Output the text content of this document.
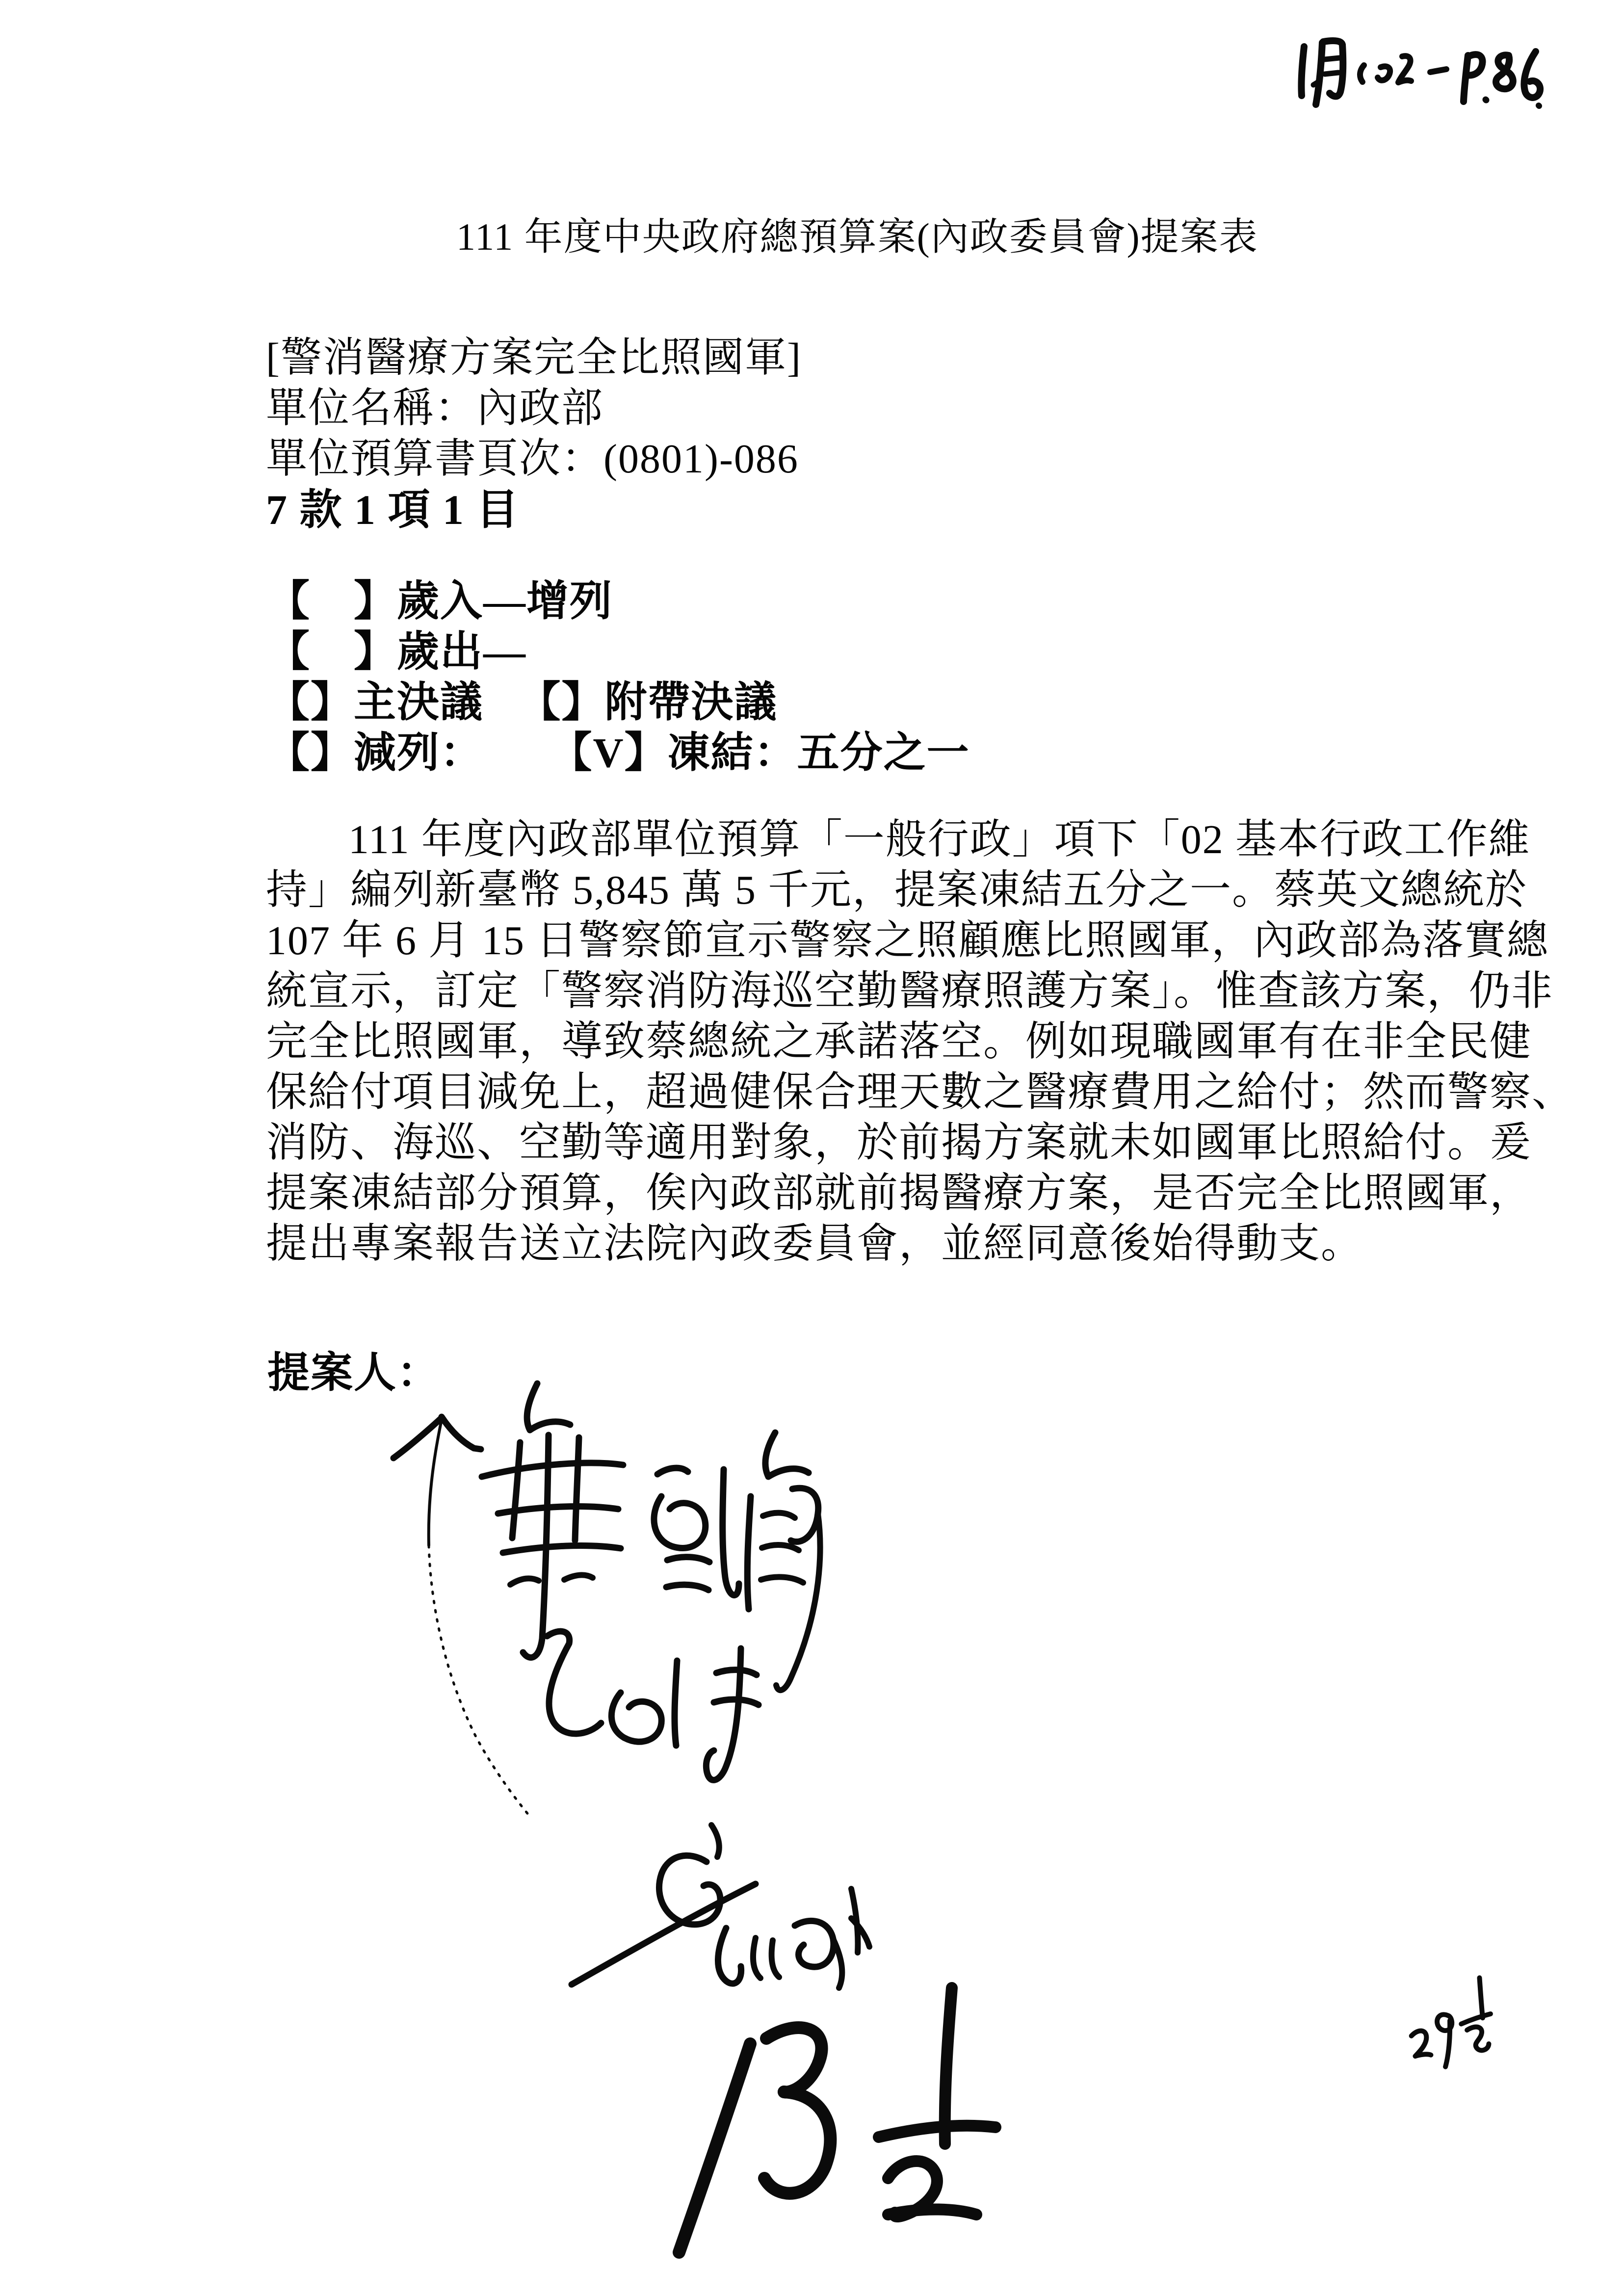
111 年度中央政府總預算案(內政委員會)提案表
[警消醫療方案完全比照國軍]
單位名稱：內政部
單位預算書頁次：(0801)-086
7 款 1 項 1 目
【　】歲入—增列
【　】歲出—
【】主決議 【】附帶決議
【】減列： 【V】凍結：五分之一
111 年度內政部單位預算「一般行政」項下「02 基本行政工作維
持」編列新臺幣 5,845 萬 5 千元，提案凍結五分之一。蔡英文總統於
107 年 6 月 15 日警察節宣示警察之照顧應比照國軍，內政部為落實總
統宣示，訂定「警察消防海巡空勤醫療照護方案」。惟查該方案，仍非
完全比照國軍，導致蔡總統之承諾落空。例如現職國軍有在非全民健
保給付項目減免上，超過健保合理天數之醫療費用之給付；然而警察、
消防、海巡、空勤等適用對象，於前揭方案就未如國軍比照給付。爰
提案凍結部分預算，俟內政部就前揭醫療方案，是否完全比照國軍，
提出專案報告送立法院內政委員會，並經同意後始得動支。
提案人：
